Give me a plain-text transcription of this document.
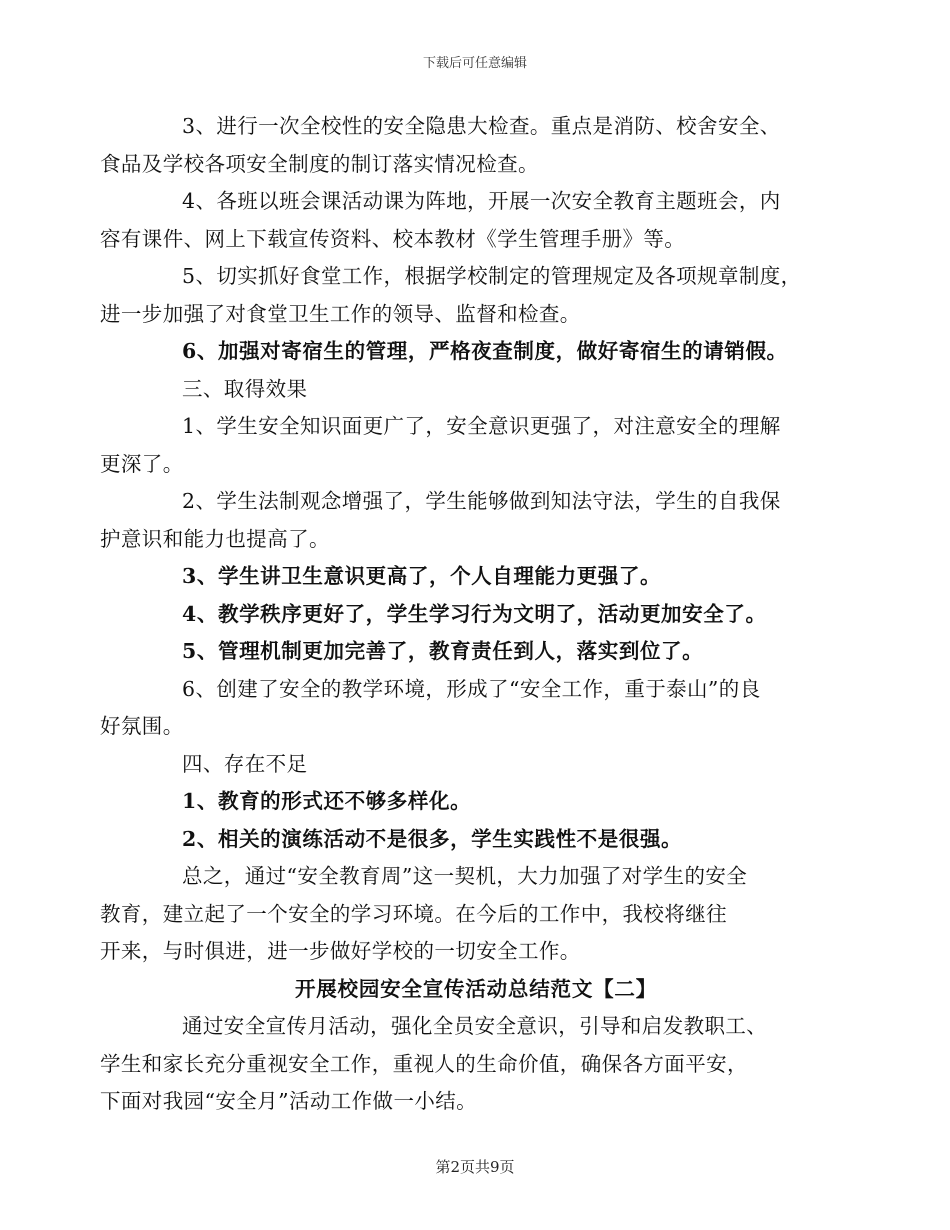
下载后可任意编辑

3、进行一次全校性的安全隐患大检查。重点是消防、校舍安全、
食品及学校各项安全制度的制订落实情况检查。

4、各班以班会课活动课为阵地，开展一次安全教育主题班会，内
容有课件、网上下载宣传资料、校本教材《学生管理手册》等。

5、切实抓好食堂工作，根据学校制定的管理规定及各项规章制度，
进一步加强了对食堂卫生工作的领导、监督和检查。

6、加强对寄宿生的管理，严格夜查制度，做好寄宿生的请销假。

三、取得效果

1、学生安全知识面更广了，安全意识更强了，对注意安全的理解
更深了。

2、学生法制观念增强了，学生能够做到知法守法，学生的自我保
护意识和能力也提高了。

3、学生讲卫生意识更高了，个人自理能力更强了。

4、教学秩序更好了，学生学习行为文明了，活动更加安全了。

5、管理机制更加完善了，教育责任到人，落实到位了。

6、创建了安全的教学环境，形成了“安全工作，重于泰山”的良
好氛围。

四、存在不足

1、教育的形式还不够多样化。

2、相关的演练活动不是很多，学生实践性不是很强。

总之，通过“安全教育周”这一契机，大力加强了对学生的安全
教育，建立起了一个安全的学习环境。在今后的工作中，我校将继往
开来，与时俱进，进一步做好学校的一切安全工作。

开展校园安全宣传活动总结范文【二】

通过安全宣传月活动，强化全员安全意识，引导和启发教职工、
学生和家长充分重视安全工作，重视人的生命价值，确保各方面平安，
下面对我园“安全月”活动工作做一小结。

第2页共9页
